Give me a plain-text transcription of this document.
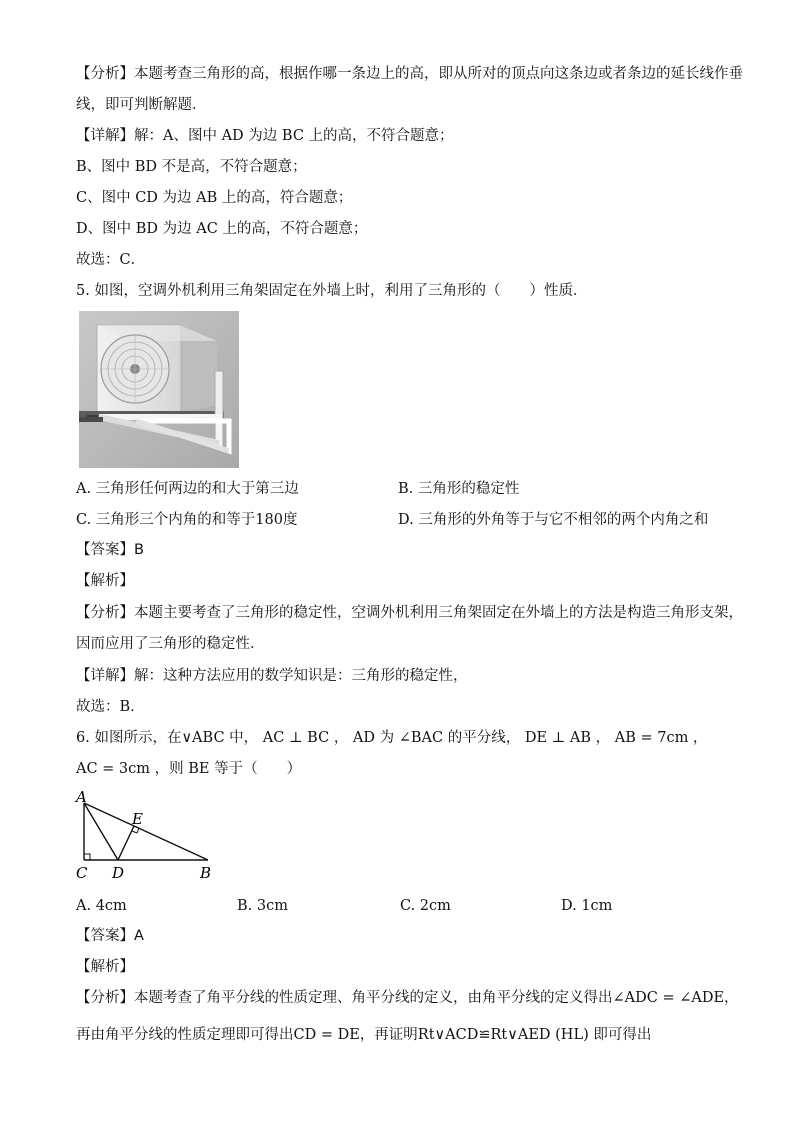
【分析】本题考查三角形的高，根据作哪一条边上的高，即从所对的顶点向这条边或者条边的延长线作垂
线，即可判断解题．
【详解】解：A、图中 AD 为边 BC 上的高，不符合题意；
B、图中 BD 不是高，不符合题意；
C、图中 CD 为边 AB 上的高，符合题意；
D、图中 BD 为边 AC 上的高，不符合题意；
故选：C．
5. 如图，空调外机利用三角架固定在外墙上时，利用了三角形的（　　）性质．
A. 三角形任何两边的和大于第三边	B. 三角形的稳定性
C. 三角形三个内角的和等于180度	D. 三角形的外角等于与它不相邻的两个内角之和
【答案】B
【解析】
【分析】本题主要考查了三角形的稳定性，空调外机利用三角架固定在外墙上的方法是构造三角形支架，
因而应用了三角形的稳定性．
【详解】解：这种方法应用的数学知识是：三角形的稳定性，
故选：B．
6. 如图所示，在∨ABC 中， AC ⊥ BC ， AD 为 ∠BAC 的平分线， DE ⊥ AB ， AB = 7cm ，
AC = 3cm ，则 BE 等于（　　）
A
E
C D	B
A. 4cm	B. 3cm	C. 2cm	D. 1cm
【答案】A
【解析】
【分析】本题考查了角平分线的性质定理、角平分线的定义，由角平分线的定义得出∠ADC = ∠ADE，
再由角平分线的性质定理即可得出CD = DE，再证明Rt∨ACD≌Rt∨AED (HL) 即可得出
